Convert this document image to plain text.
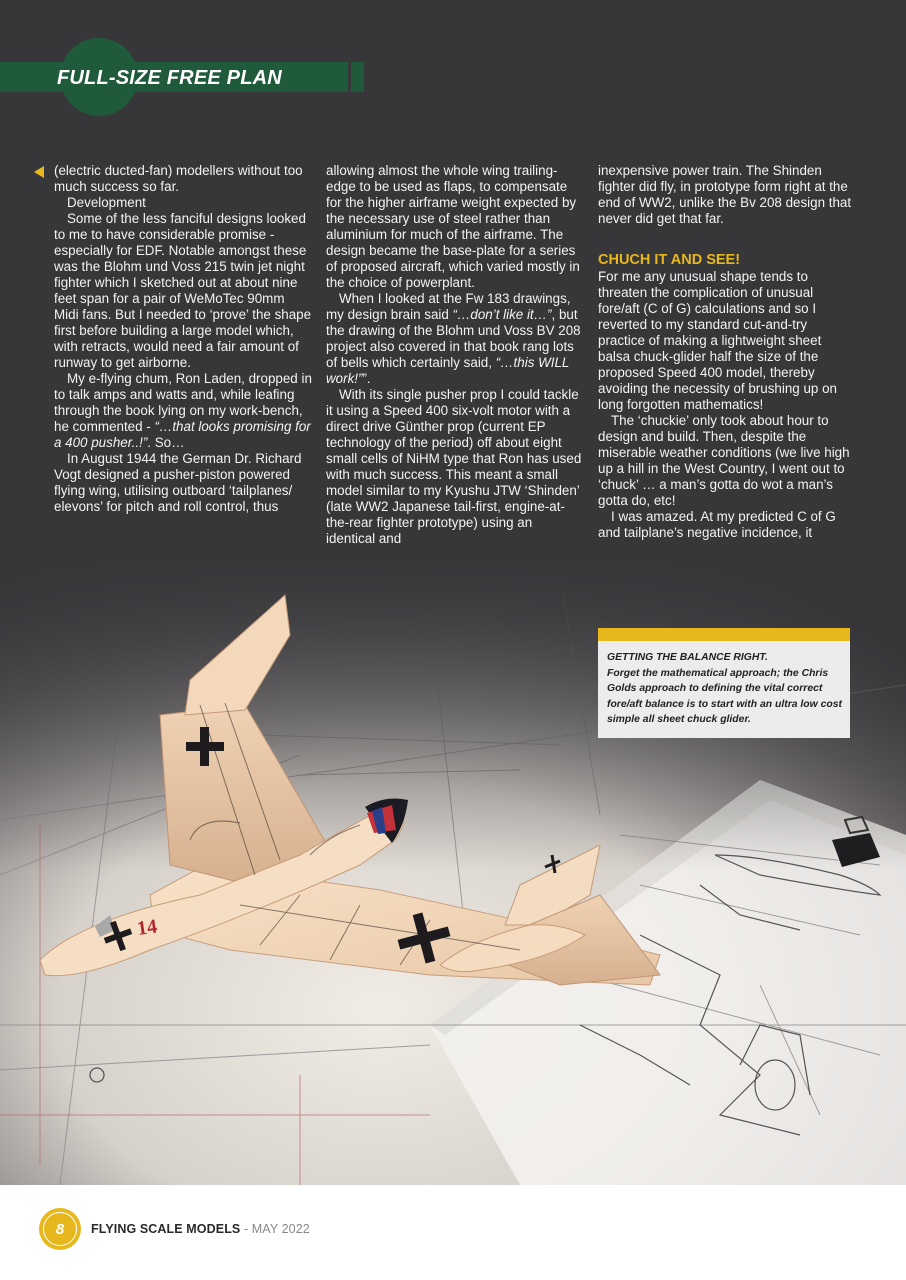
FULL-SIZE FREE PLAN

(electric ducted-fan) modellers without too much success so far.

Development

Some of the less fanciful designs looked to me to have considerable promise - especially for EDF. Notable amongst these was the Blohm und Voss 215 twin jet night fighter which I sketched out at about nine feet span for a pair of WeMoTec 90mm Midi fans. But I needed to ‘prove’ the shape first before building a large model which, with retracts, would need a fair amount of runway to get airborne.

My e-flying chum, Ron Laden, dropped in to talk amps and watts and, while leafing through the book lying on my work-bench, he commented - “…that looks promising for a 400 pusher..!”. So…

In August 1944 the German Dr. Richard Vogt designed a pusher-piston powered flying wing, utilising outboard ‘tailplanes/ elevons’ for pitch and roll control, thus

allowing almost the whole wing trailing-edge to be used as flaps, to compensate for the higher airframe weight expected by the necessary use of steel rather than aluminium for much of the airframe. The design became the base-plate for a series of proposed aircraft, which varied mostly in the choice of powerplant.

When I looked at the Fw 183 drawings, my design brain said “…don’t like it…”, but the drawing of the Blohm und Voss BV 208 project also covered in that book rang lots of bells which certainly said, “…this WILL work!””.

With its single pusher prop I could tackle it using a Speed 400 six-volt motor with a direct drive Günther prop (current EP technology of the period) off about eight small cells of NiHM type that Ron has used with much success. This meant a small model similar to my Kyushu JTW ‘Shinden’ (late WW2 Japanese tail-first, engine-at-the-rear fighter prototype) using an identical and

inexpensive power train. The Shinden fighter did fly, in prototype form right at the end of WW2, unlike the Bv 208 design that never did get that far.

CHUCH IT AND SEE!

For me any unusual shape tends to threaten the complication of unusual fore/aft (C of G) calculations and so I reverted to my standard cut-and-try practice of making a lightweight sheet balsa chuck-glider half the size of the proposed Speed 400 model, thereby avoiding the necessity of brushing up on long forgotten mathematics!

The ‘chuckie’ only took about hour to design and build. Then, despite the miserable weather conditions (we live high up a hill in the West Country, I went out to ‘chuck’ … a man’s gotta do wot a man’s gotta do, etc!

I was amazed. At my predicted C of G and tailplane’s negative incidence, it

14
GETTING THE BALANCE RIGHT.
Forget the mathematical approach; the Chris Golds approach to defining the vital correct fore/aft balance is to start with an ultra low cost simple all sheet chuck glider.
8	FLYING SCALE MODELS - MAY 2022
